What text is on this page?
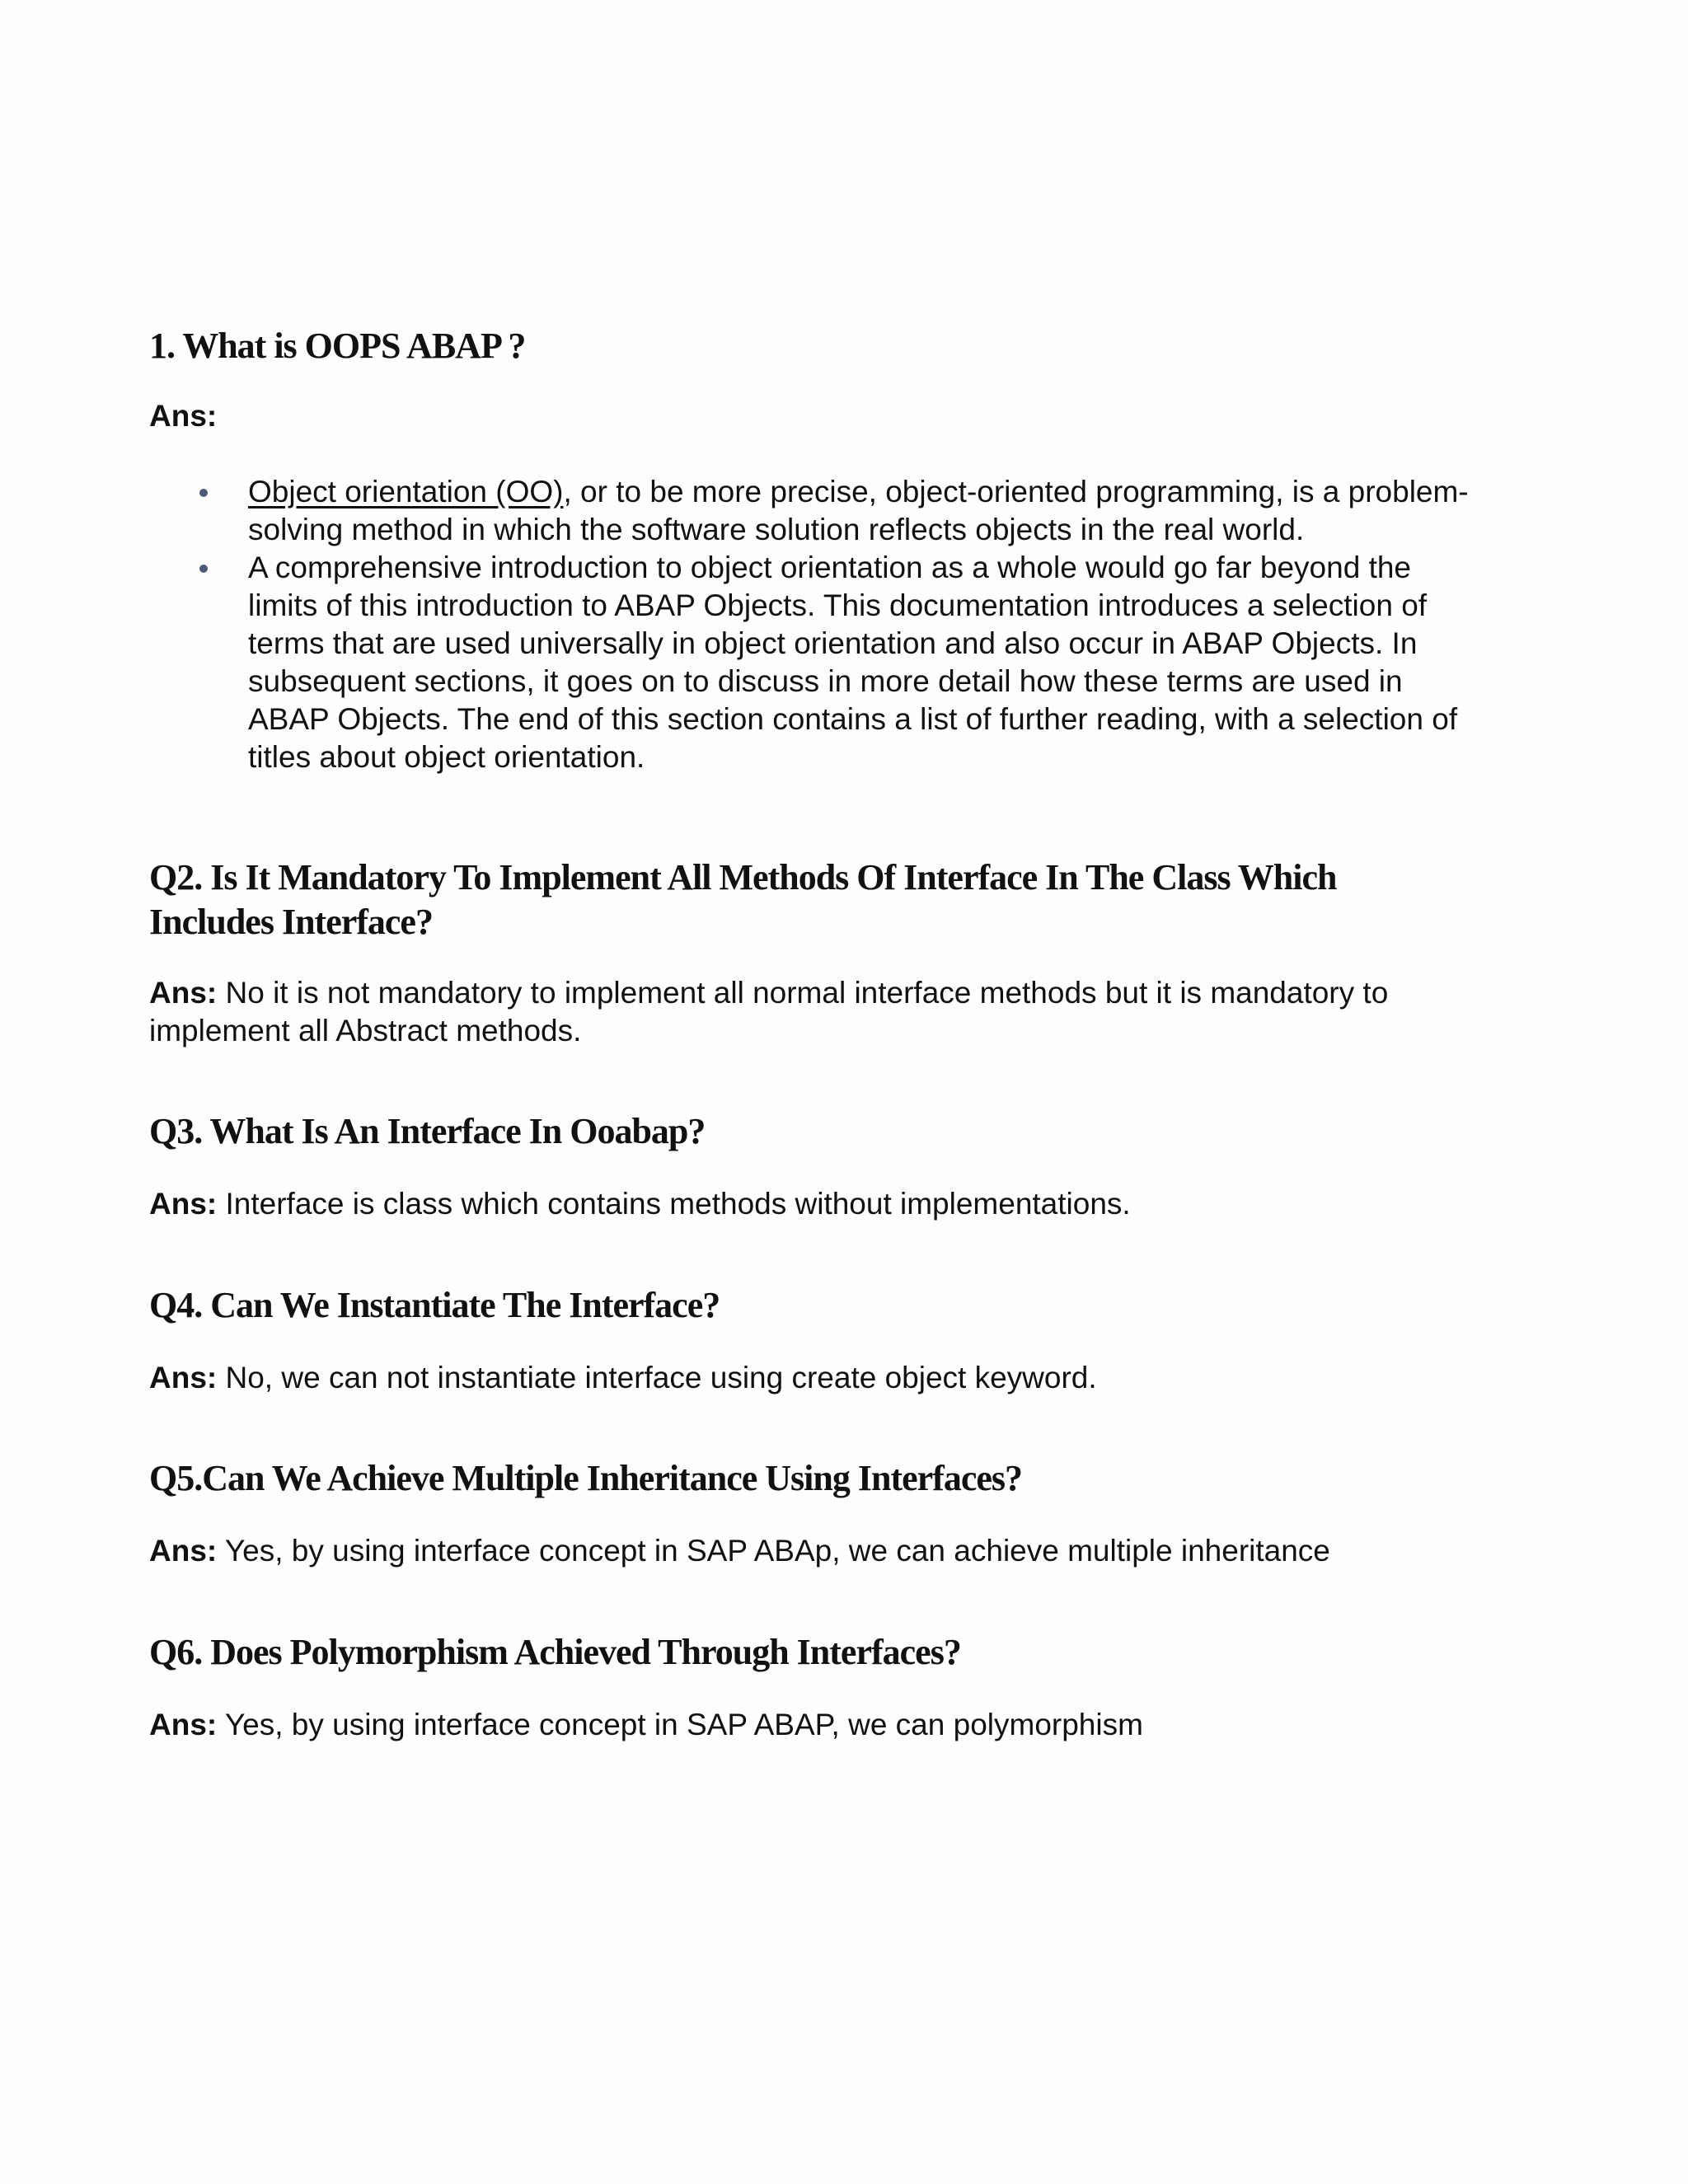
1. What is OOPS ABAP ?

Ans:

Object orientation (OO), or to be more precise, object-oriented programming, is a problem-solving method in which the software solution reflects objects in the real world.
A comprehensive introduction to object orientation as a whole would go far beyond the limits of this introduction to ABAP Objects. This documentation introduces a selection of terms that are used universally in object orientation and also occur in ABAP Objects. In subsequent sections, it goes on to discuss in more detail how these terms are used in ABAP Objects. The end of this section contains a list of further reading, with a selection of titles about object orientation.
Q2. Is It Mandatory To Implement All Methods Of Interface In The Class Which Includes Interface?

Ans: No it is not mandatory to implement all normal interface methods but it is mandatory to implement all Abstract methods.

Q3. What Is An Interface In Ooabap?

Ans: Interface is class which contains methods without implementations.

Q4. Can We Instantiate The Interface?

Ans: No, we can not instantiate interface using create object keyword.

Q5.Can We Achieve Multiple Inheritance Using Interfaces?

Ans: Yes, by using interface concept in SAP ABAp, we can achieve multiple inheritance

Q6. Does Polymorphism Achieved Through Interfaces?

Ans: Yes, by using interface concept in SAP ABAP, we can polymorphism
